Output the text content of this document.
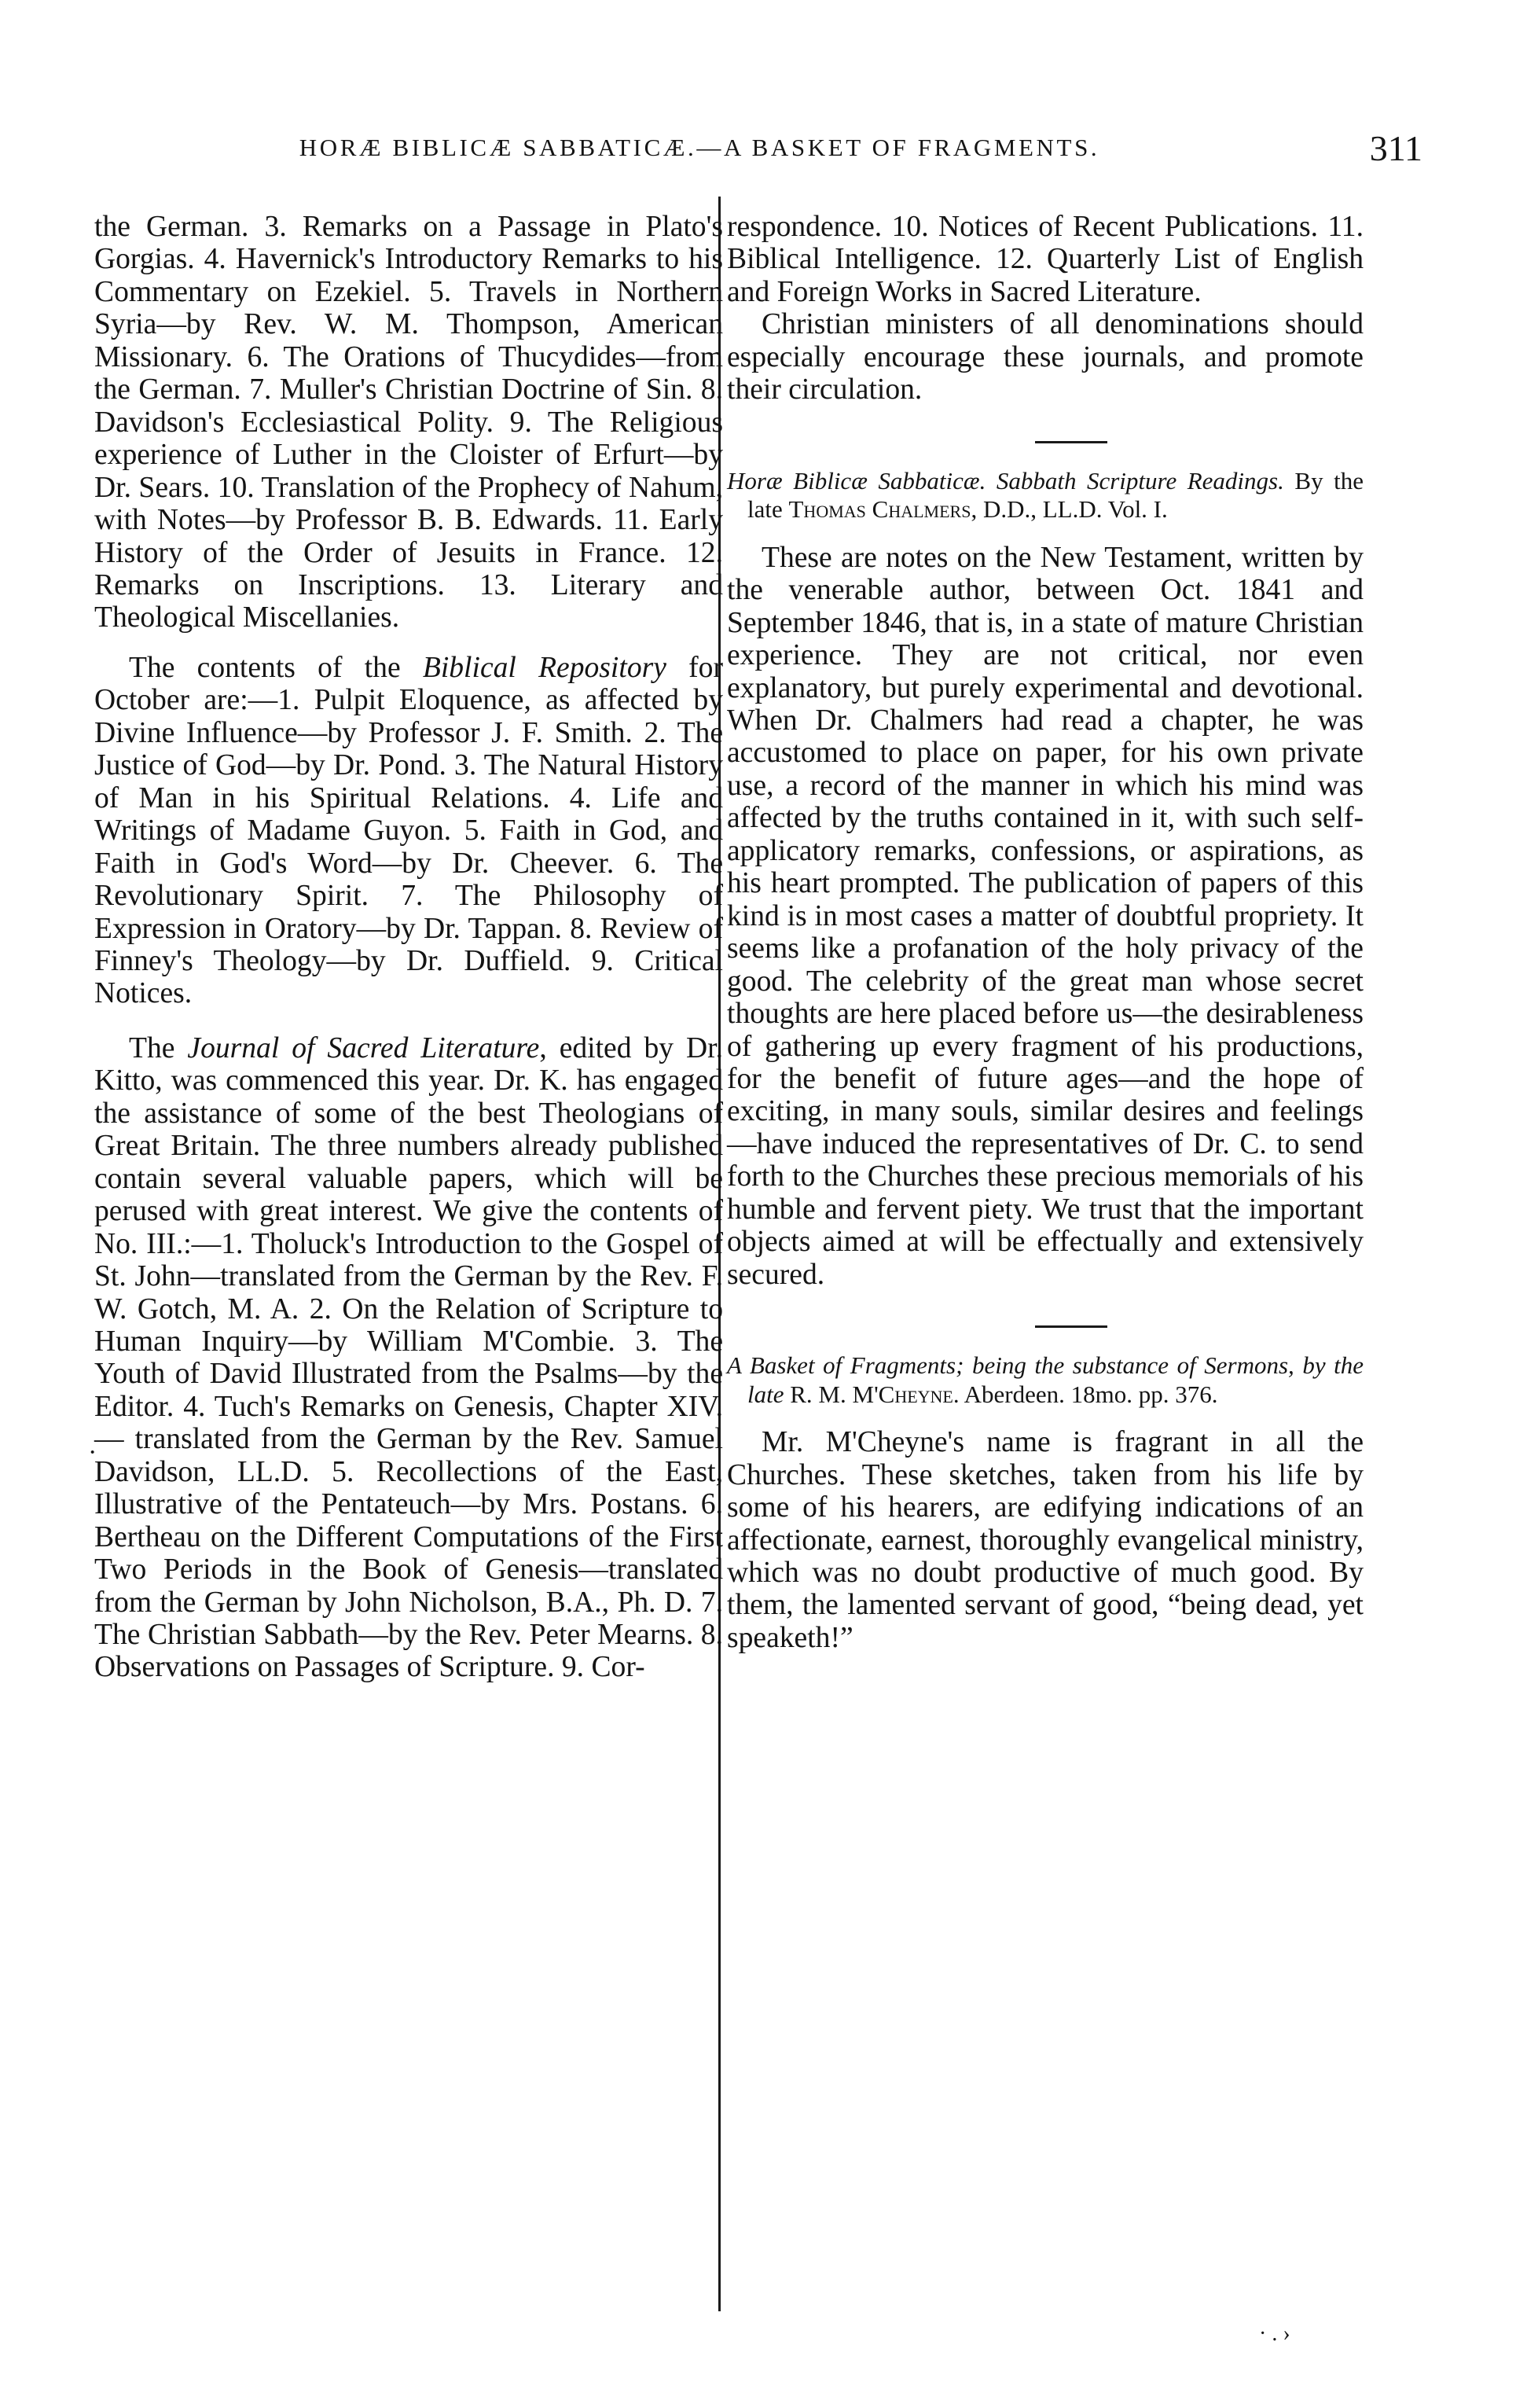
HORÆ BIBLICÆ SABBATICÆ.—A BASKET OF FRAGMENTS.	311

the German. 3. Remarks on a Passage in Plato's Gorgias. 4. Havernick's Introductory Remarks to his Commentary on Ezekiel. 5. Travels in Northern Syria—by Rev. W. M. Thompson, American Missionary. 6. The Orations of Thucydides—from the German. 7. Muller's Christian Doctrine of Sin. 8. Davidson's Ecclesiastical Polity. 9. The Religious experience of Luther in the Cloister of Erfurt—by Dr. Sears. 10. Translation of the Prophecy of Nahum, with Notes—by Professor B. B. Edwards. 11. Early History of the Order of Jesuits in France. 12. Remarks on Inscriptions. 13. Literary and Theological Miscellanies.

The contents of the Biblical Repository for October are:—1. Pulpit Eloquence, as affected by Divine Influence—by Professor J. F. Smith. 2. The Justice of God—by Dr. Pond. 3. The Natural History of Man in his Spiritual Relations. 4. Life and Writings of Madame Guyon. 5. Faith in God, and Faith in God's Word—by Dr. Cheever. 6. The Revolutionary Spirit. 7. The Philosophy of Expression in Oratory—by Dr. Tappan. 8. Review of Finney's Theology—by Dr. Duffield. 9. Critical Notices.

The Journal of Sacred Literature, edited by Dr. Kitto, was commenced this year. Dr. K. has engaged the assistance of some of the best Theologians of Great Britain. The three numbers already published contain several valuable papers, which will be perused with great interest. We give the contents of No. III.:—1. Tholuck's Introduction to the Gospel of St. John—translated from the German by the Rev. F. W. Gotch, M. A. 2. On the Relation of Scripture to Human Inquiry—by William M'Combie. 3. The Youth of David Illustrated from the Psalms—by the Editor. 4. Tuch's Remarks on Genesis, Chapter XIV. — translated from the German by the Rev. Samuel Davidson, LL.D. 5. Recollections of the East, Illustrative of the Pentateuch—by Mrs. Postans. 6. Bertheau on the Different Computations of the First Two Periods in the Book of Genesis—translated from the German by John Nicholson, B.A., Ph. D. 7. The Christian Sabbath—by the Rev. Peter Mearns. 8. Observations on Passages of Scripture. 9. Cor-

respondence. 10. Notices of Recent Publications. 11. Biblical Intelligence. 12. Quarterly List of English and Foreign Works in Sacred Literature.

Christian ministers of all denominations should especially encourage these journals, and promote their circulation.

Horæ Biblicæ Sabbaticæ. Sabbath Scripture Readings. By the late Thomas Chalmers, D.D., LL.D. Vol. I.

These are notes on the New Testament, written by the venerable author, between Oct. 1841 and September 1846, that is, in a state of mature Christian experience. They are not critical, nor even explanatory, but purely experimental and devotional. When Dr. Chalmers had read a chapter, he was accustomed to place on paper, for his own private use, a record of the manner in which his mind was affected by the truths contained in it, with such self-applicatory remarks, confessions, or aspirations, as his heart prompted. The publication of papers of this kind is in most cases a matter of doubtful propriety. It seems like a profanation of the holy privacy of the good. The celebrity of the great man whose secret thoughts are here placed before us—the desirableness of gathering up every fragment of his productions, for the benefit of future ages—and the hope of exciting, in many souls, similar desires and feelings—have induced the representatives of Dr. C. to send forth to the Churches these precious memorials of his humble and fervent piety. We trust that the important objects aimed at will be effectually and extensively secured.

A Basket of Fragments; being the substance of Sermons, by the late R. M. M'Cheyne. Aberdeen. 18mo. pp. 376.

Mr. M'Cheyne's name is fragrant in all the Churches. These sketches, taken from his life by some of his hearers, are edifying indications of an affectionate, earnest, thoroughly evangelical ministry, which was no doubt productive of much good. By them, the lamented servant of good, “being dead, yet speaketh!”

·
· . ›
